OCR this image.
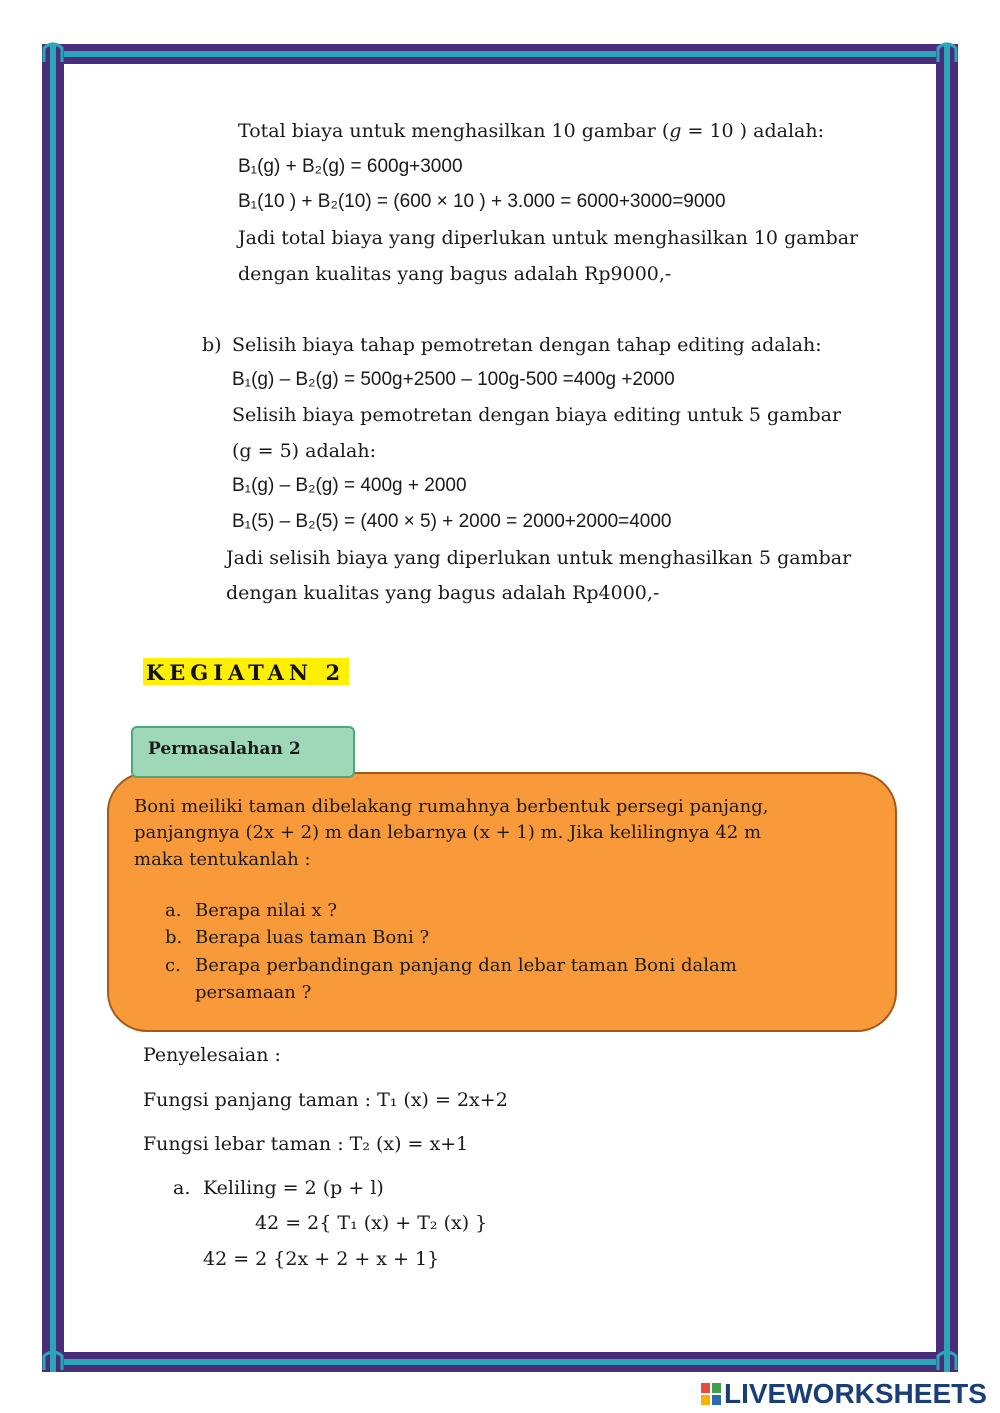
Total biaya untuk menghasilkan 10 gambar (g = 10 ) adalah:
B₁(g) + B₂(g) = 600g+3000
B₁(10 ) + B₂(10) = (600 × 10 ) + 3.000 = 6000+3000=9000
Jadi total biaya yang diperlukan untuk menghasilkan 10 gambar
dengan kualitas yang bagus adalah Rp9000,-
b) Selisih biaya tahap pemotretan dengan tahap editing adalah:
B₁(g) – B₂(g) = 500g+2500 – 100g-500 =400g +2000
Selisih biaya pemotretan dengan biaya editing untuk 5 gambar
(g = 5) adalah:
B₁(g) – B₂(g) = 400g + 2000
B₁(5) – B₂(5) = (400 × 5) + 2000 = 2000+2000=4000
Jadi selisih biaya yang diperlukan untuk menghasilkan 5 gambar
dengan kualitas yang bagus adalah Rp4000,-
KEGIATAN 2
Permasalahan 2
Boni meiliki taman dibelakang rumahnya berbentuk persegi panjang,
panjangnya (2x + 2) m dan lebarnya (x + 1) m. Jika kelilingnya 42 m
maka tentukanlah :
a. Berapa nilai x ?
b. Berapa luas taman Boni ?
c. Berapa perbandingan panjang dan lebar taman Boni dalam
persamaan ?
Penyelesaian :
Fungsi panjang taman : T₁ (x) = 2x+2
Fungsi lebar taman : T₂ (x) = x+1
a. Keliling = 2 (p + l)
42 = 2{ T₁ (x) + T₂ (x) }
42 = 2 {2x + 2 + x + 1}
LIVEWORKSHEETS
